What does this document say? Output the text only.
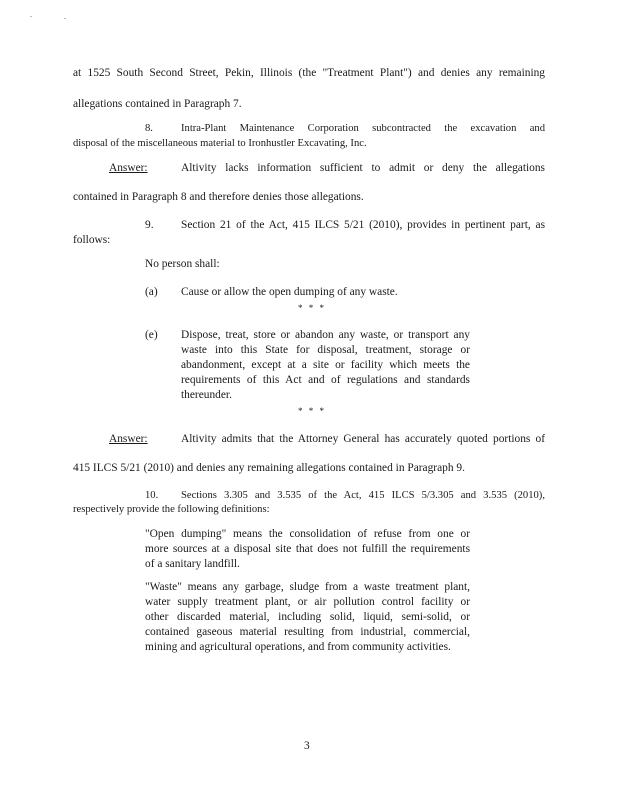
.	.
at 1525 South Second Street, Pekin, Illinois (the "Treatment Plant") and denies any remaining
allegations contained in Paragraph 7.
8.	Intra-Plant Maintenance Corporation subcontracted the excavation and
disposal of the miscellaneous material to Ironhustler Excavating, Inc.
Answer:	Altivity lacks information sufficient to admit or deny the allegations
contained in Paragraph 8 and therefore denies those allegations.
9. Section 21 of the Act, 415 ILCS 5/21 (2010), provides in pertinent part, as
follows:
No person shall:
(a) Cause or allow the open dumping of any waste.
* * *
(e) Dispose, treat, store or abandon any waste, or transport any
waste into this State for disposal, treatment, storage or
abandonment, except at a site or facility which meets the
requirements of this Act and of regulations and standards
thereunder.
* * *
Answer:	Altivity admits that the Attorney General has accurately quoted portions of
415 ILCS 5/21 (2010) and denies any remaining allegations contained in Paragraph 9.
10. Sections 3.305 and 3.535 of the Act, 415 ILCS 5/3.305 and 3.535 (2010),
respectively provide the following definitions:
"Open dumping" means the consolidation of refuse from one or
more sources at a disposal site that does not fulfill the requirements
of a sanitary landfill.
"Waste" means any garbage, sludge from a waste treatment plant,
water supply treatment plant, or air pollution control facility or
other discarded material, including solid, liquid, semi-solid, or
contained gaseous material resulting from industrial, commercial,
mining and agricultural operations, and from community activities.
3
